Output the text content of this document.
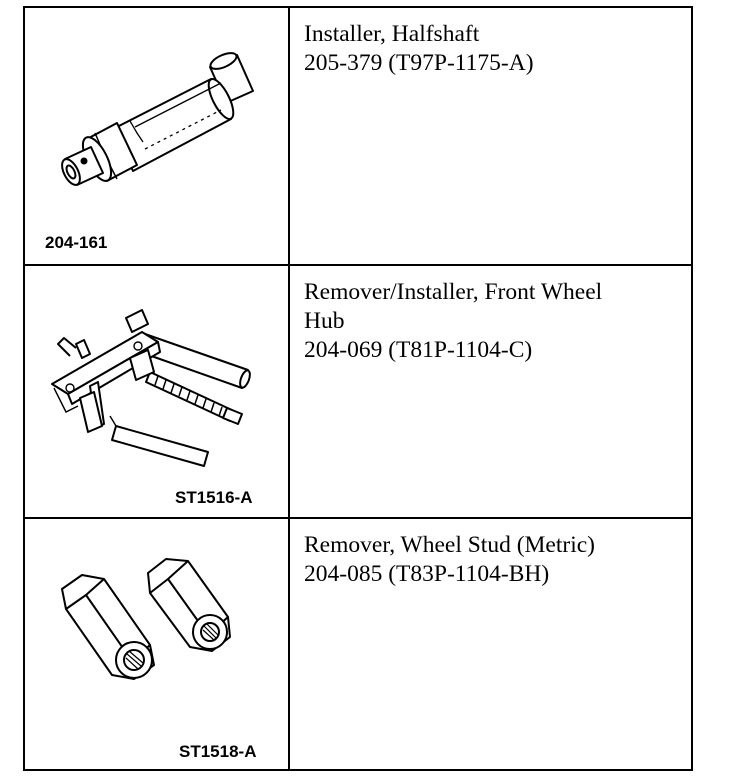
204-161
Installer, Halfshaft
205-379 (T97P-1175-A)
ST1516-A
Remover/Installer, Front Wheel
Hub
204-069 (T81P-1104-C)
ST1518-A
Remover, Wheel Stud (Metric)
204-085 (T83P-1104-BH)
